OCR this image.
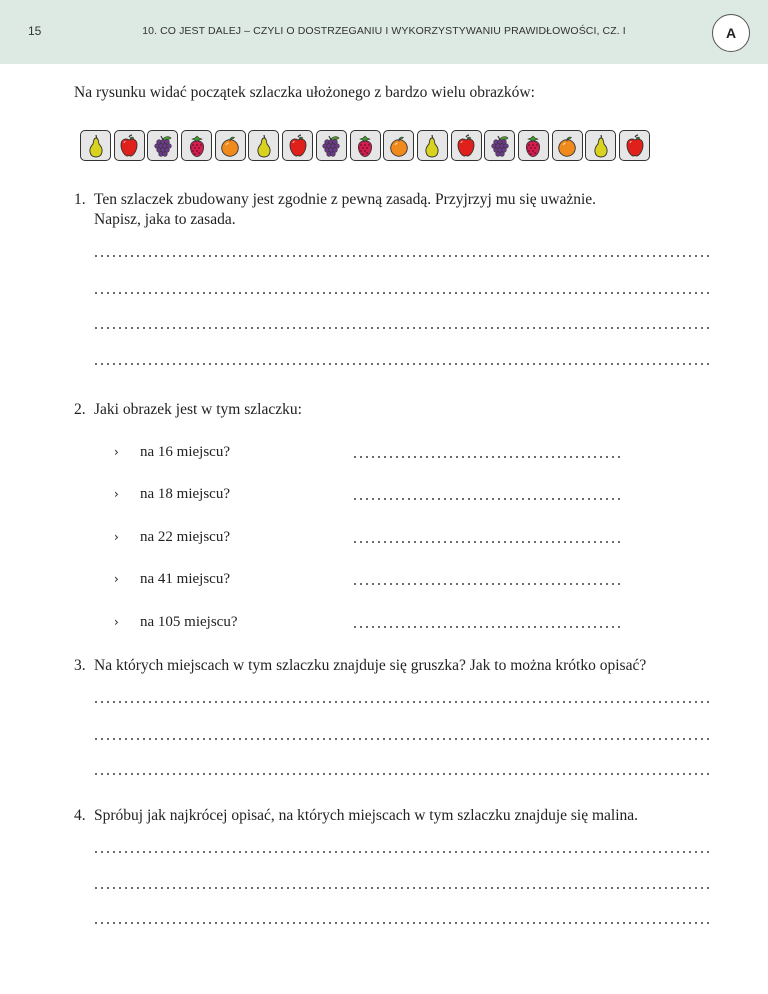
15	10. CO JEST DALEJ – CZYLI O DOSTRZEGANIU I WYKORZYSTYWANIU PRAWIDŁOWOŚCI, CZ. I	A
Na rysunku widać początek szlaczka ułożonego z bardzo wielu obrazków:
1. Ten szlaczek zbudowany jest zgodnie z pewną zasadą. Przyjrzyj mu się uważnie.
Napisz, jaka to zasada.
2. Jaki obrazek jest w tym szlaczku:
› na 16 miejscu?
› na 18 miejscu?
› na 22 miejscu?
› na 41 miejscu?
› na 105 miejscu?
3. Na których miejscach w tym szlaczku znajduje się gruszka? Jak to można krótko opisać?
4. Spróbuj jak najkrócej opisać, na których miejscach w tym szlaczku znajduje się malina.
